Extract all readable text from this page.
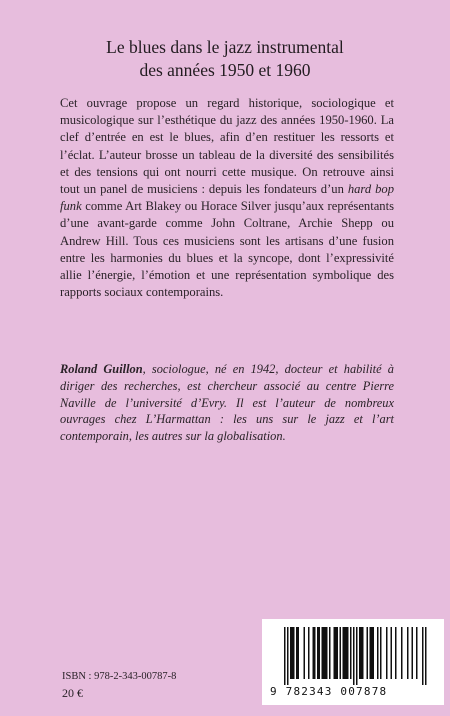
Le blues dans le jazz instrumental
des années 1950 et 1960

Cet ouvrage propose un regard historique, sociologique et musicologique sur l’esthétique du jazz des années 1950-1960. La clef d’entrée en est le blues, afin d’en restituer les ressorts et l’éclat. L’auteur brosse un tableau de la diversité des sensibilités et des tensions qui ont nourri cette musique. On retrouve ainsi tout un panel de musiciens : depuis les fondateurs d’un hard bop funk comme Art Blakey ou Horace Silver jusqu’aux représentants d’une avant-garde comme John Coltrane, Archie Shepp ou Andrew Hill. Tous ces musiciens sont les artisans d’une fusion entre les harmonies du blues et la syncope, dont l’expressivité allie l’énergie, l’émotion et une représentation symbolique des rapports sociaux contemporains.

Roland Guillon, sociologue, né en 1942, docteur et habilité à diriger des recherches, est chercheur associé au centre Pierre Naville de l’université d’Evry. Il est l’auteur de nombreux ouvrages chez L’Harmattan : les uns sur le jazz et l’art contemporain, les autres sur la globalisation.

ISBN : 978-2-343-00787-8
20 €	9 782343 007878
